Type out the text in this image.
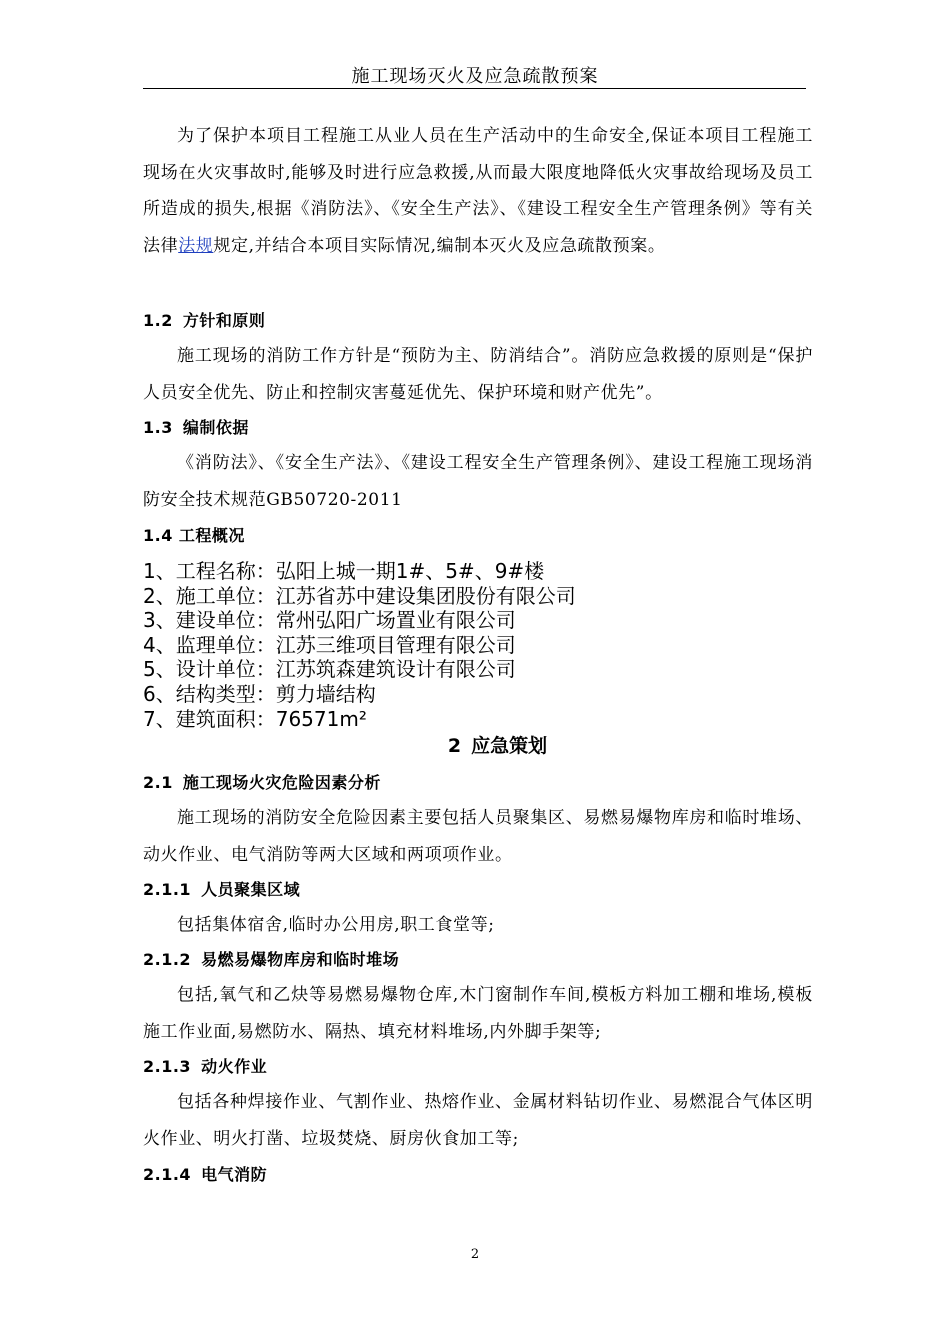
施工现场灭火及应急疏散预案
为了保护本项目工程施工从业人员在生产活动中的生命安全,保证本项目工程施工现场在火灾事故时,能够及时进行应急救援,从而最大限度地降低火灾事故给现场及员工所造成的损失,根据《消防法》、《安全生产法》、《建设工程安全生产管理条例》等有关法律法规规定,并结合本项目实际情况,编制本灭火及应急疏散预案。
1.2 方针和原则
施工现场的消防工作方针是“预防为主、防消结合”。消防应急救援的原则是“保护人员安全优先、防止和控制灾害蔓延优先、保护环境和财产优先”。
1.3 编制依据
《消防法》、《安全生产法》、《建设工程安全生产管理条例》、建设工程施工现场消防安全技术规范GB50720-2011
1.4 工程概况
1、工程名称：弘阳上城一期1#、5#、9#楼
2、施工单位：江苏省苏中建设集团股份有限公司
3、建设单位：常州弘阳广场置业有限公司
4、监理单位：江苏三维项目管理有限公司
5、设计单位：江苏筑森建筑设计有限公司
6、结构类型：剪力墙结构
7、建筑面积：76571m²
2 应急策划
2.1 施工现场火灾危险因素分析
施工现场的消防安全危险因素主要包括人员聚集区、易燃易爆物库房和临时堆场、动火作业、电气消防等两大区域和两项项作业。
2.1.1 人员聚集区域
包括集体宿舍,临时办公用房,职工食堂等;
2.1.2 易燃易爆物库房和临时堆场
包括,氧气和乙炔等易燃易爆物仓库,木门窗制作车间,模板方料加工棚和堆场,模板施工作业面,易燃防水、隔热、填充材料堆场,内外脚手架等;
2.1.3 动火作业
包括各种焊接作业、气割作业、热熔作业、金属材料钻切作业、易燃混合气体区明火作业、明火打凿、垃圾焚烧、厨房伙食加工等;
2.1.4 电气消防
2
